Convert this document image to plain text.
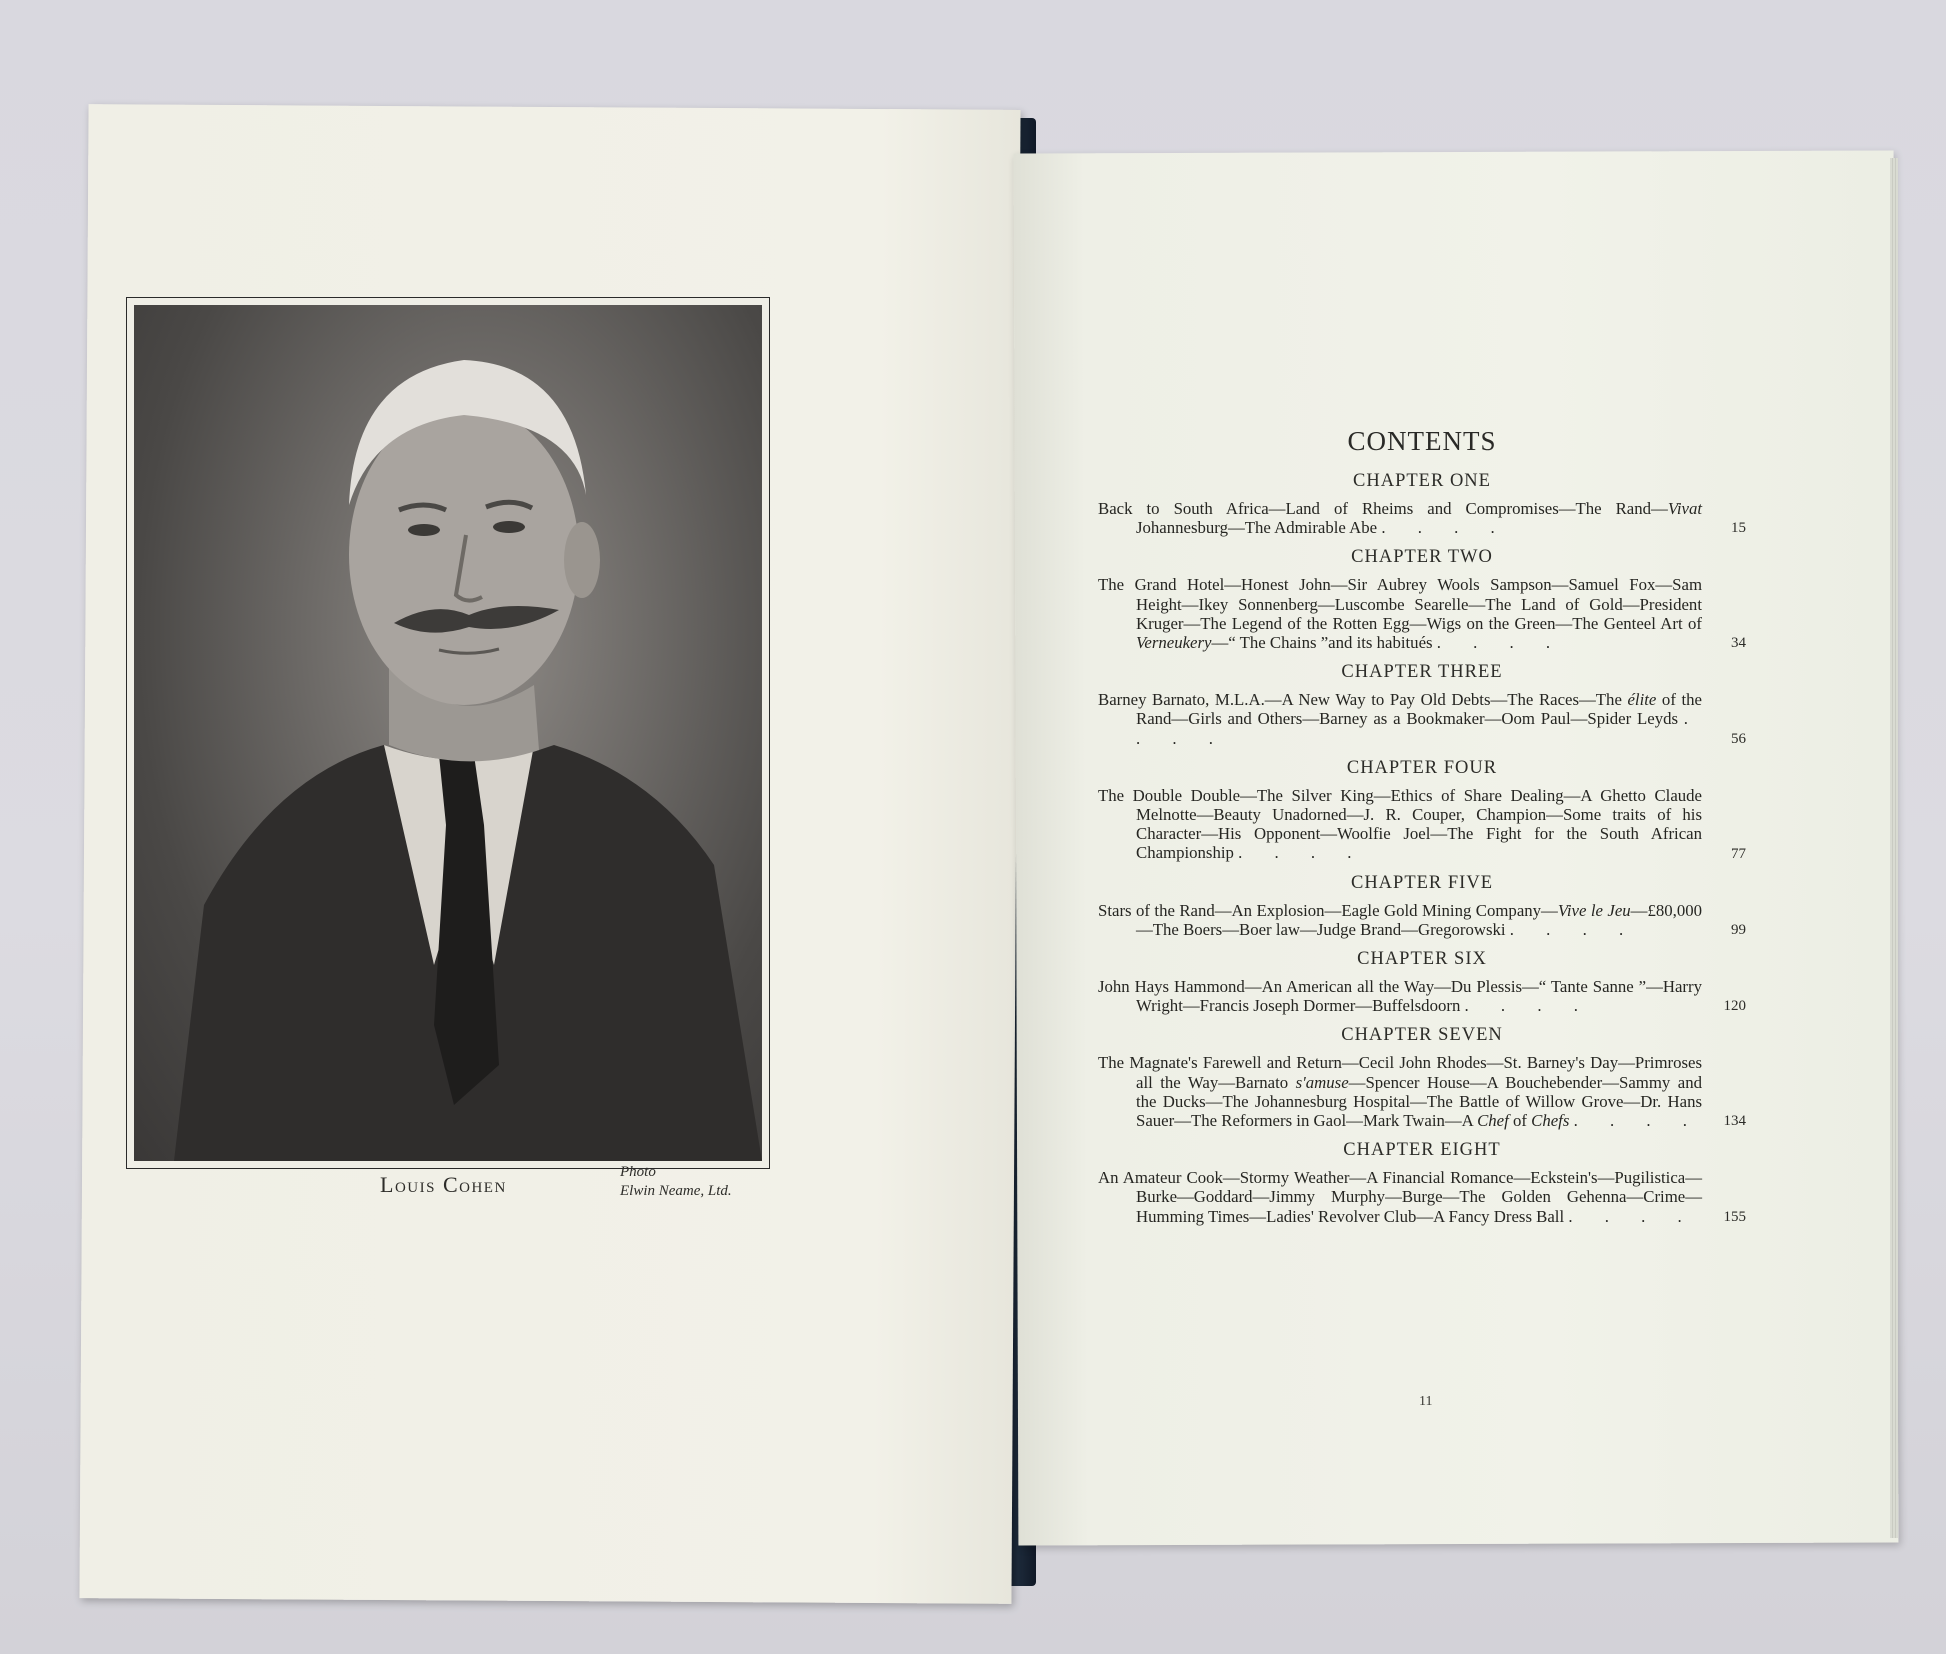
Louis Cohen	Photo
Elwin Neame, Ltd.
CONTENTS
CHAPTER ONE
Back to South Africa—Land of Rheims and Compromises—The Rand—Vivat Johannesburg—The Admirable Abe . . . .	15
CHAPTER TWO
The Grand Hotel—Honest John—Sir Aubrey Wools Sampson—Samuel Fox—Sam Height—Ikey Sonnenberg—Luscombe Searelle—The Land of Gold—President Kruger—The Legend of the Rotten Egg—Wigs on the Green—The Genteel Art of Verneukery—“ The Chains ”and its habitués . . . .	34
CHAPTER THREE
Barney Barnato, M.L.A.—A New Way to Pay Old Debts—The Races—The élite of the Rand—Girls and Others—Barney as a Bookmaker—Oom Paul—Spider Leyds . . . .	56
CHAPTER FOUR
The Double Double—The Silver King—Ethics of Share Dealing—A Ghetto Claude Melnotte—Beauty Unadorned—J. R. Couper, Champion—Some traits of his Character—His Opponent—Woolfie Joel—The Fight for the South African Championship . . . .	77
CHAPTER FIVE
Stars of the Rand—An Explosion—Eagle Gold Mining Company—Vive le Jeu—£80,000—The Boers—Boer law—Judge Brand—Gregorowski . . . .	99
CHAPTER SIX
John Hays Hammond—An American all the Way—Du Plessis—“ Tante Sanne ”—Harry Wright—Francis Joseph Dormer—Buffelsdoorn . . . .	120
CHAPTER SEVEN
The Magnate's Farewell and Return—Cecil John Rhodes—St. Barney's Day—Primroses all the Way—Barnato s'amuse—Spencer House—A Bouchebender—Sammy and the Ducks—The Johannesburg Hospital—The Battle of Willow Grove—Dr. Hans Sauer—The Reformers in Gaol—Mark Twain—A Chef of Chefs . . . .	134
CHAPTER EIGHT
An Amateur Cook—Stormy Weather—A Financial Romance—Eckstein's—Pugilistica—Burke—Goddard—Jimmy Murphy—Burge—The Golden Gehenna—Crime—Humming Times—Ladies' Revolver Club—A Fancy Dress Ball . . . .	155
11
